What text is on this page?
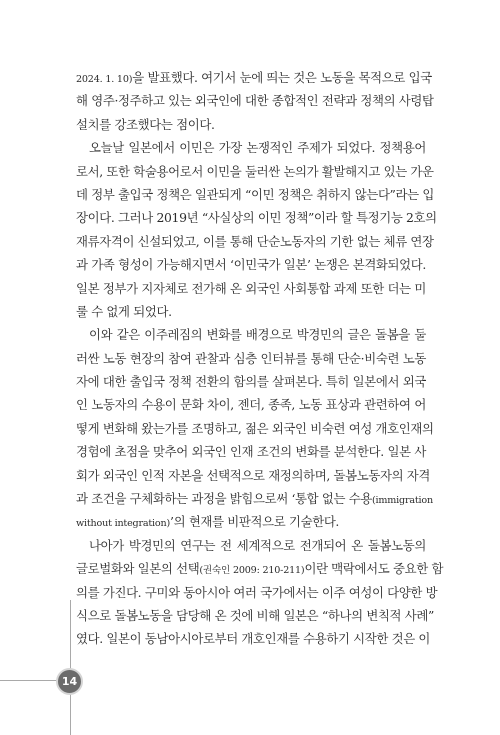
2024. 1. 10)을 발표했다. 여기서 눈에 띄는 것은 노동을 목적으로 입국
해 영주·정주하고 있는 외국인에 대한 종합적인 전략과 정책의 사령탑
설치를 강조했다는 점이다.
오늘날 일본에서 이민은 가장 논쟁적인 주제가 되었다. 정책용어
로서, 또한 학술용어로서 이민을 둘러싼 논의가 활발해지고 있는 가운
데 정부 출입국 정책은 일관되게 “이민 정책은 취하지 않는다”라는 입
장이다. 그러나 2019년 “사실상의 이민 정책”이라 할 특정기능 2호의
재류자격이 신설되었고, 이를 통해 단순노동자의 기한 없는 체류 연장
과 가족 형성이 가능해지면서 ‘이민국가 일본’ 논쟁은 본격화되었다.
일본 정부가 지자체로 전가해 온 외국인 사회통합 과제 또한 더는 미
룰 수 없게 되었다.
이와 같은 이주레짐의 변화를 배경으로 박경민의 글은 돌봄을 둘
러싼 노동 현장의 참여 관찰과 심층 인터뷰를 통해 단순·비숙련 노동
자에 대한 출입국 정책 전환의 함의를 살펴본다. 특히 일본에서 외국
인 노동자의 수용이 문화 차이, 젠더, 종족, 노동 표상과 관련하여 어
떻게 변화해 왔는가를 조명하고, 젊은 외국인 비숙련 여성 개호인재의
경험에 초점을 맞추어 외국인 인재 조건의 변화를 분석한다. 일본 사
회가 외국인 인적 자본을 선택적으로 재정의하며, 돌봄노동자의 자격
과 조건을 구체화하는 과정을 밝힘으로써 ‘통합 없는 수용(immigration
without integration)’의 현재를 비판적으로 기술한다.
나아가 박경민의 연구는 전 세계적으로 전개되어 온 돌봄노동의
글로벌화와 일본의 선택(권숙인 2009: 210-211)이란 맥락에서도 중요한 함
의를 가진다. 구미와 동아시아 여러 국가에서는 이주 여성이 다양한 방
식으로 돌봄노동을 담당해 온 것에 비해 일본은 “하나의 변칙적 사례”
였다. 일본이 동남아시아로부터 개호인재를 수용하기 시작한 것은 이
14
